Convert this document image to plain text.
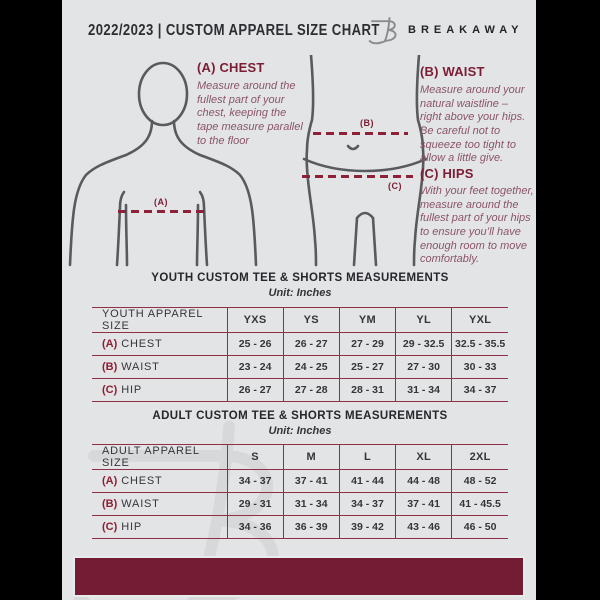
2022/2023 | CUSTOM APPAREL SIZE CHART	BREAKAWAY
(A)
(B)
(C)
(A) CHEST
Measure around the fullest part of your chest, keeping the tape measure parallel to the floor
(B) WAIST
Measure around your natural waistline – right above your hips. Be careful not to squeeze too tight to allow a little give.
(C) HIPS
With your feet together, measure around the fullest part of your hips to ensure you’ll have enough room to move comfortably.
YOUTH CUSTOM TEE & SHORTS MEASUREMENTS
Unit: Inches
YOUTH APPAREL SIZE	YXS	YS	YM	YL	YXL
(A) CHEST	25 - 26	26 - 27	27 - 29	29 - 32.5	32.5 - 35.5
(B) WAIST	23 - 24	24 - 25	25 - 27	27 - 30	30 - 33
(C) HIP	26 - 27	27 - 28	28 - 31	31 - 34	34 - 37
ADULT CUSTOM TEE & SHORTS MEASUREMENTS
Unit: Inches
ADULT APPAREL SIZE	S	M	L	XL	2XL
(A) CHEST	34 - 37	37 - 41	41 - 44	44 - 48	48 - 52
(B) WAIST	29 - 31	31 - 34	34 - 37	37 - 41	41 - 45.5
(C) HIP	34 - 36	36 - 39	39 - 42	43 - 46	46 - 50
